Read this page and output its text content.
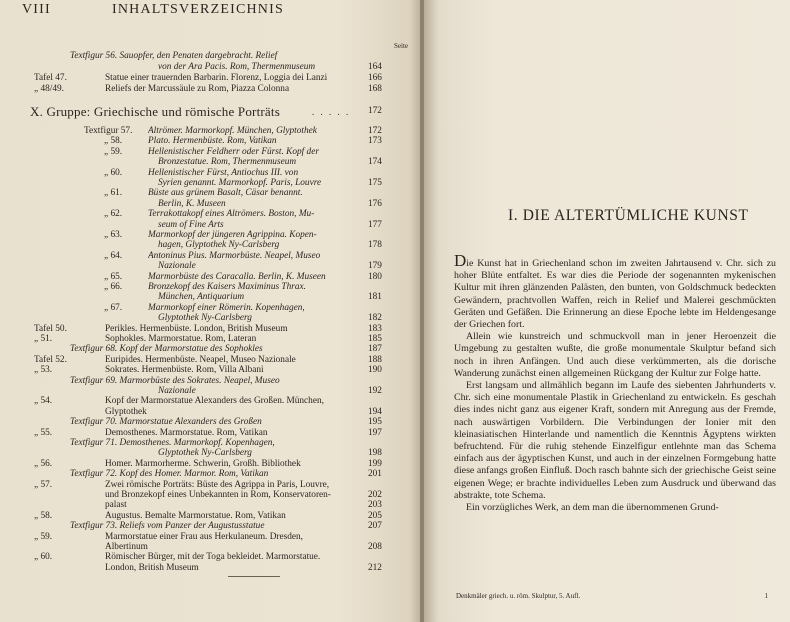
VIII	INHALTSVERZEICHNIS
Seite
Textfigur 56. Sauopfer, den Penaten dargebracht. Relief
von der Ara Pacis. Rom, Thermenmuseum	164
Tafel 47.	Statue einer trauernden Barbarin. Florenz, Loggia dei Lanzi	166
„ 48/49.	Reliefs der Marcussäule zu Rom, Piazza Colonna	168
X. Gruppe: Griechische und römische Porträts	. . . . . 172
Textfigur 57. Altrömer. Marmorkopf. München, Glyptothek	172
„ 58.	Plato. Hermenbüste. Rom, Vatikan	173
„ 59.	Hellenistischer Feldherr oder Fürst. Kopf der
Bronzestatue. Rom, Thermenmuseum	174
„ 60.	Hellenistischer Fürst, Antiochus III. von
Syrien genannt. Marmorkopf. Paris, Louvre	175
„ 61.	Büste aus grünem Basalt, Cäsar benannt.
Berlin, K. Museen	176
„ 62.	Terrakottakopf eines Altrömers. Boston, Mu-
seum of Fine Arts	177
„ 63.	Marmorkopf der jüngeren Agrippina. Kopen-
hagen, Glyptothek Ny-Carlsberg	178
„ 64.	Antoninus Pius. Marmorbüste. Neapel, Museo
Nazionale	179
„ 65.	Marmorbüste des Caracalla. Berlin, K. Museen	180
„ 66.	Bronzekopf des Kaisers Maximinus Thrax.
München, Antiquarium	181
„ 67.	Marmorkopf einer Römerin. Kopenhagen,
Glyptothek Ny-Carlsberg	182
Tafel 50.	Perikles. Hermenbüste. London, British Museum	183
„ 51.	Sophokles. Marmorstatue. Rom, Lateran	185
Textfigur 68. Kopf der Marmorstatue des Sophokles	187
Tafel 52.	Euripides. Hermenbüste. Neapel, Museo Nazionale	188
„ 53.	Sokrates. Hermenbüste. Rom, Villa Albani	190
Textfigur 69. Marmorbüste des Sokrates. Neapel, Museo
Nazionale	192
„ 54.	Kopf der Marmorstatue Alexanders des Großen. München,
Glyptothek	194
Textfigur 70. Marmorstatue Alexanders des Großen	195
„ 55.	Demosthenes. Marmorstatue. Rom, Vatikan	197
Textfigur 71. Demosthenes. Marmorkopf. Kopenhagen,
Glyptothek Ny-Carlsberg	198
„ 56.	Homer. Marmorherme. Schwerin, Großh. Bibliothek	199
Textfigur 72. Kopf des Homer. Marmor. Rom, Vatikan	201
„ 57.	Zwei römische Porträts: Büste des Agrippa in Paris, Louvre,
und Bronzekopf eines Unbekannten in Rom, Konservatoren-	202
palast	203
„ 58.	Augustus. Bemalte Marmorstatue. Rom, Vatikan	205
Textfigur 73. Reliefs vom Panzer der Augustusstatue	207
„ 59.	Marmorstatue einer Frau aus Herkulaneum. Dresden,
Albertinum	208
„ 60.	Römischer Bürger, mit der Toga bekleidet. Marmorstatue.
London, British Museum	212
I. DIE ALTERTÜMLICHE KUNST

Die Kunst hat in Griechenland schon im zweiten Jahrtausend v. Chr. sich zu hoher Blüte entfaltet. Es war dies die Periode der sogenannten mykenischen Kultur mit ihren glänzenden Palästen, den bunten, von Goldschmuck bedeckten Gewändern, prachtvollen Waffen, reich in Relief und Malerei geschmückten Geräten und Gefäßen. Die Erinnerung an diese Epoche lebte im Heldengesange der Griechen fort.

Allein wie kunstreich und schmuckvoll man in jener Heroenzeit die Umgebung zu gestalten wußte, die große monumentale Skulptur befand sich noch in ihren Anfängen. Und auch diese verkümmerten, als die dorische Wanderung zunächst einen allgemeinen Rückgang der Kultur zur Folge hatte.

Erst langsam und allmählich begann im Laufe des siebenten Jahrhunderts v. Chr. sich eine monumentale Plastik in Griechenland zu entwickeln. Es geschah dies indes nicht ganz aus eigener Kraft, sondern mit Anregung aus der Fremde, nach auswärtigen Vorbildern. Die Verbindungen der Ionier mit den kleinasiatischen Hinterlande und namentlich die Kenntnis Ägyptens wirkten befruchtend. Für die ruhig stehende Einzelfigur entlehnte man das Schema einfach aus der ägyptischen Kunst, und auch in der einzelnen Formgebung hatte diese anfangs großen Einfluß. Doch rasch bahnte sich der griechische Geist seine eigenen Wege; er brachte individuelles Leben zum Ausdruck und überwand das abstrakte, tote Schema.

Ein vorzügliches Werk, an dem man die übernommenen Grund-

Denkmäler griech. u. röm. Skulptur, 5. Aufl.	1
